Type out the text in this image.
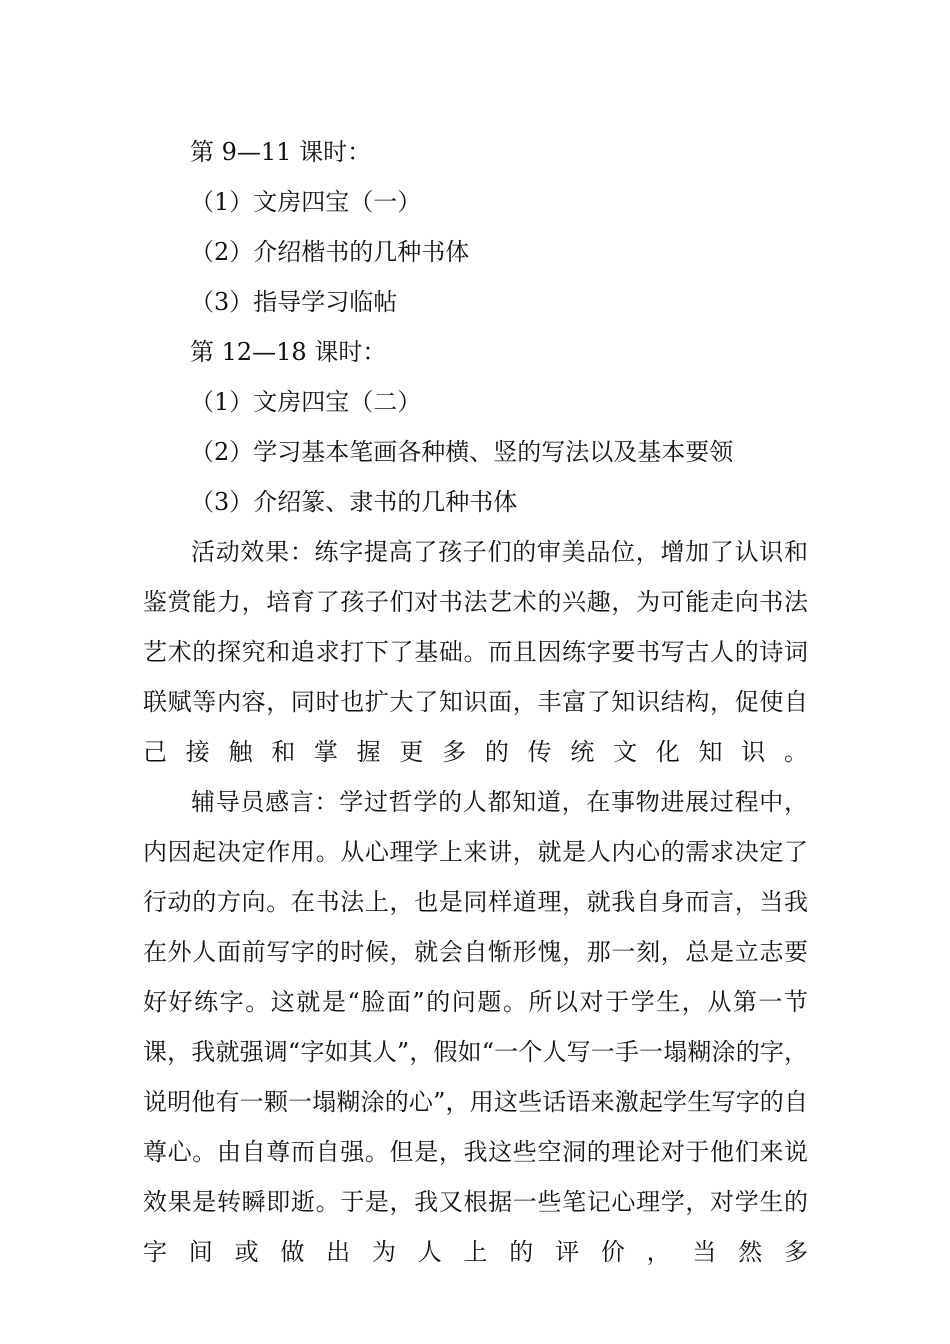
第 9—11 课时：
（1）文房四宝（一）
（2）介绍楷书的几种书体
（3）指导学习临帖
第 12—18 课时：
（1）文房四宝（二）
（2）学习基本笔画各种横、竖的写法以及基本要领
（3）介绍篆、隶书的几种书体
活动效果：练字提高了孩子们的审美品位，增加了认识和鉴赏能力，培育了孩子们对书法艺术的兴趣，为可能走向书法艺术的探究和追求打下了基础。而且因练字要书写古人的诗词联赋等内容，同时也扩大了知识面，丰富了知识结构，促使自己接触和掌握更多的传统文化知识。
辅导员感言：学过哲学的人都知道，在事物进展过程中，内因起决定作用。从心理学上来讲，就是人内心的需求决定了行动的方向。在书法上，也是同样道理，就我自身而言，当我在外人面前写字的时候，就会自惭形愧，那一刻，总是立志要好好练字。这就是“脸面”的问题。所以对于学生，从第一节课，我就强调“字如其人”，假如“一个人写一手一塌糊涂的字，说明他有一颗一塌糊涂的心”，用这些话语来激起学生写字的自尊心。由自尊而自强。但是，我这些空洞的理论对于他们来说效果是转瞬即逝。于是，我又根据一些笔记心理学，对学生的字间或做出为人上的评价，当然多
